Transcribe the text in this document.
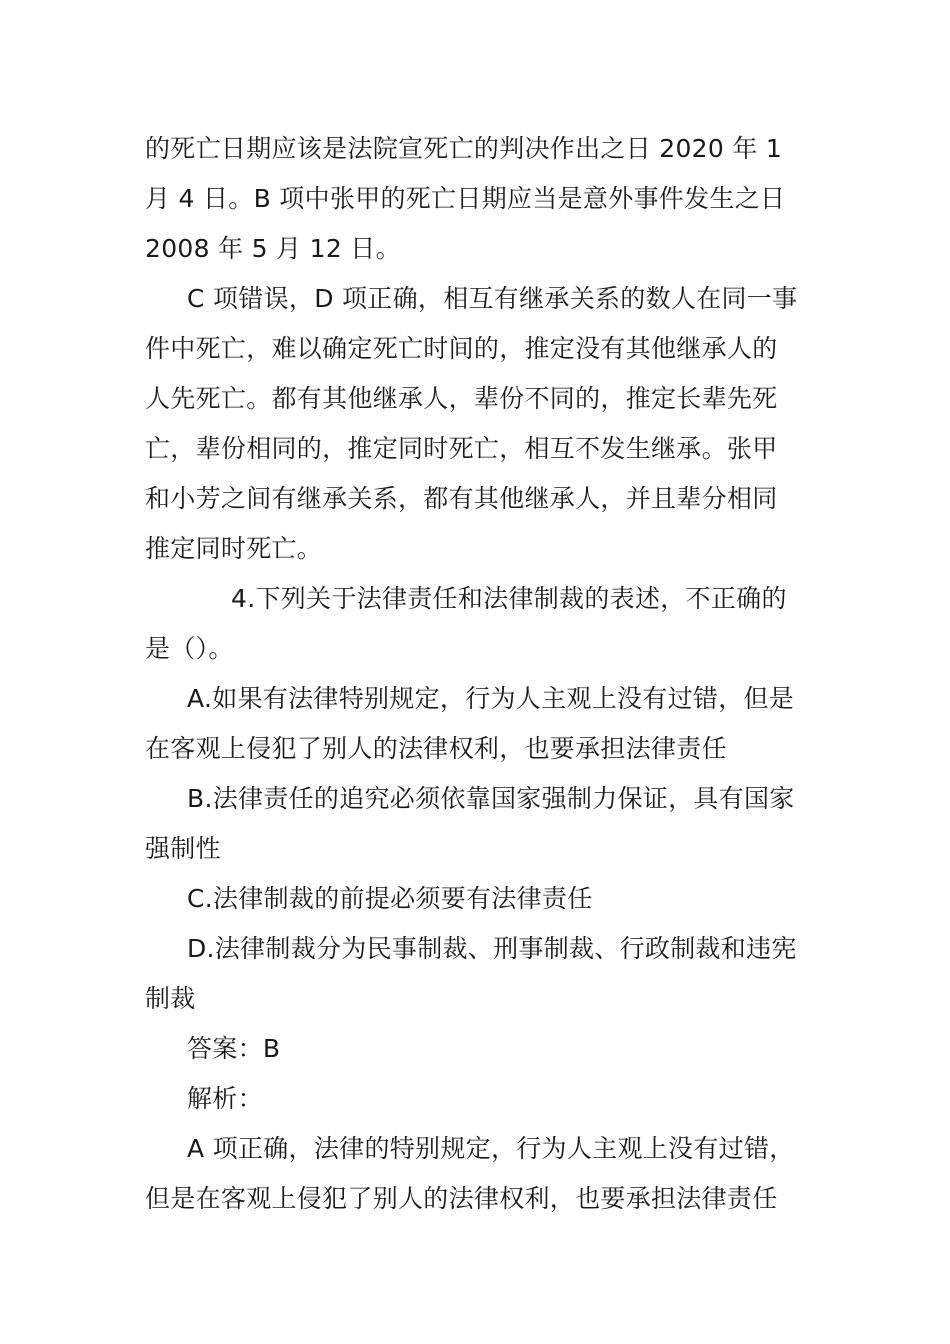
的死亡日期应该是法院宣死亡的判决作出之日 2020 年 1
月 4 日。B 项中张甲的死亡日期应当是意外事件发生之日
2008 年 5 月 12 日。

C 项错误，D 项正确，相互有继承关系的数人在同一事
件中死亡，难以确定死亡时间的，推定没有其他继承人的
人先死亡。都有其他继承人，辈份不同的，推定长辈先死
亡，辈份相同的，推定同时死亡，相互不发生继承。张甲
和小芳之间有继承关系，都有其他继承人，并且辈分相同
推定同时死亡。

4.下列关于法律责任和法律制裁的表述，不正确的
是（）。

A.如果有法律特别规定，行为人主观上没有过错，但是
在客观上侵犯了别人的法律权利，也要承担法律责任

B.法律责任的追究必须依靠国家强制力保证，具有国家
强制性

C.法律制裁的前提必须要有法律责任

D.法律制裁分为民事制裁、刑事制裁、行政制裁和违宪
制裁

答案：B

解析：

A 项正确，法律的特别规定，行为人主观上没有过错，
但是在客观上侵犯了别人的法律权利，也要承担法律责任
